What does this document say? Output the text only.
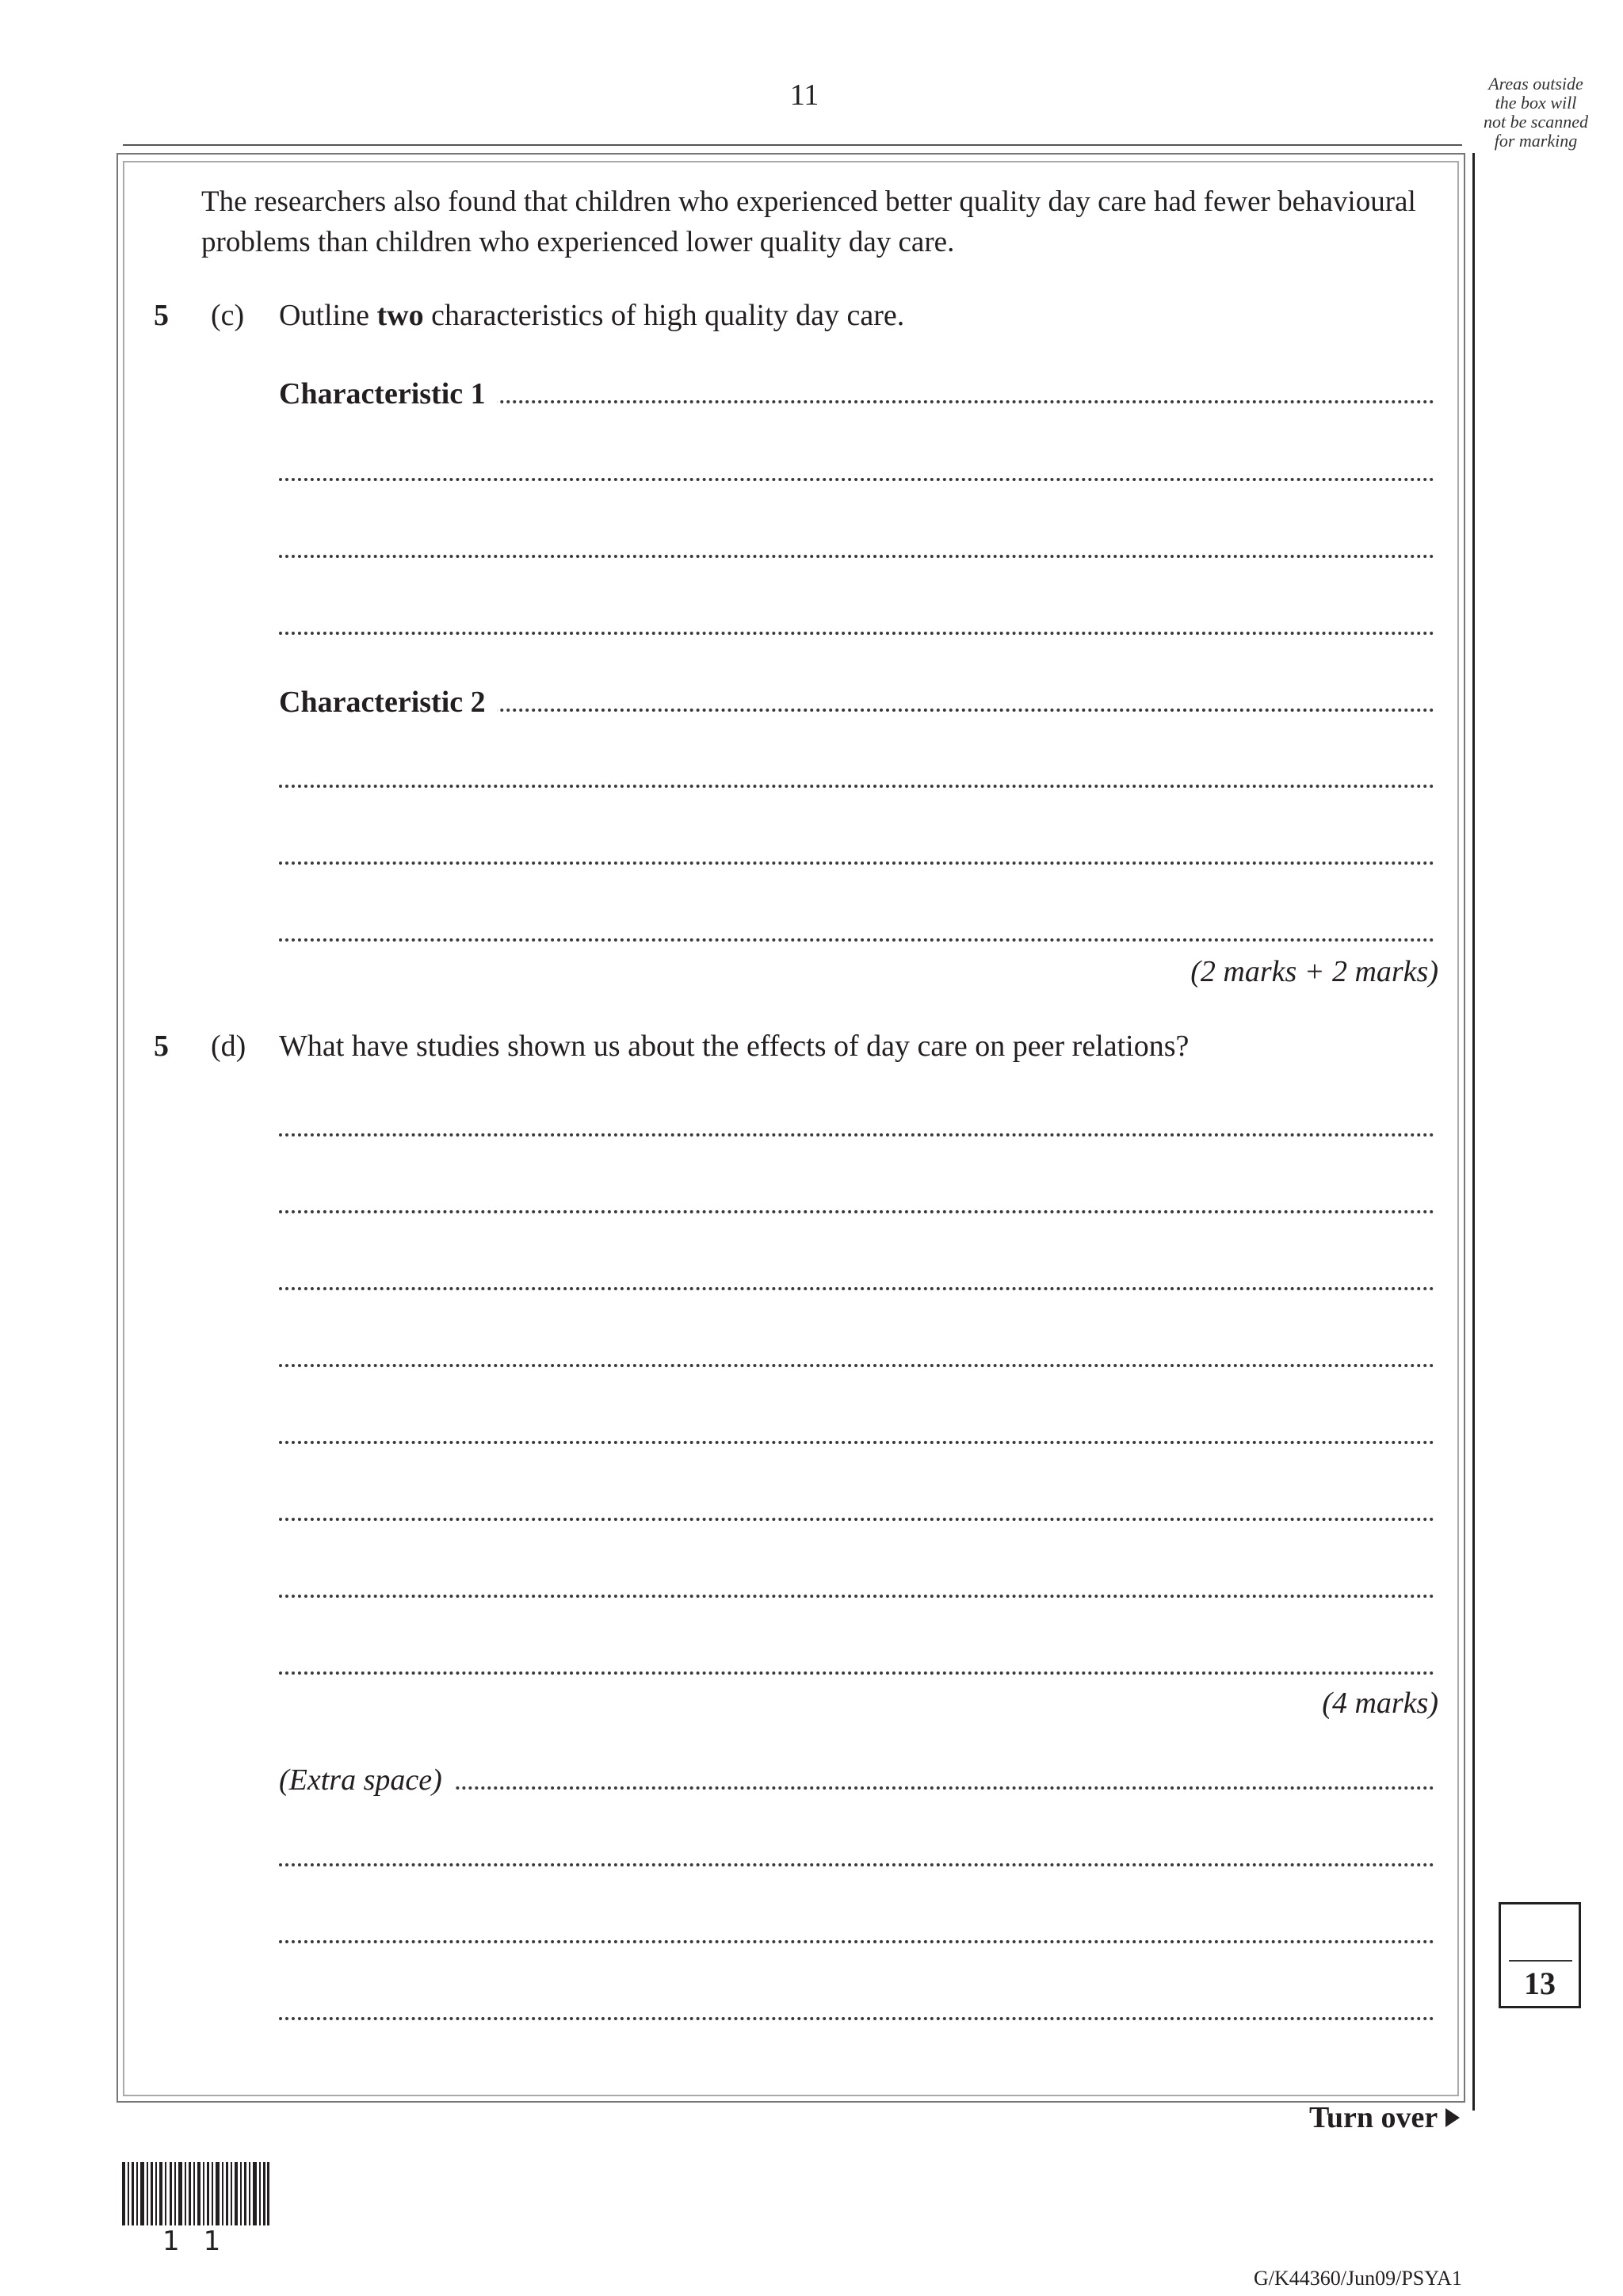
11	Areas outside
the box will
not be scanned
for marking
The researchers also found that children who experienced better quality day care had fewer behavioural problems than children who experienced lower quality day care.
5 (c) Outline two characteristics of high quality day care.
Characteristic 1
Characteristic 2
(2 marks + 2 marks)
5 (d) What have studies shown us about the effects of day care on peer relations?
(4 marks)
(Extra space)
13
Turn over
11
G/K44360/Jun09/PSYA1
